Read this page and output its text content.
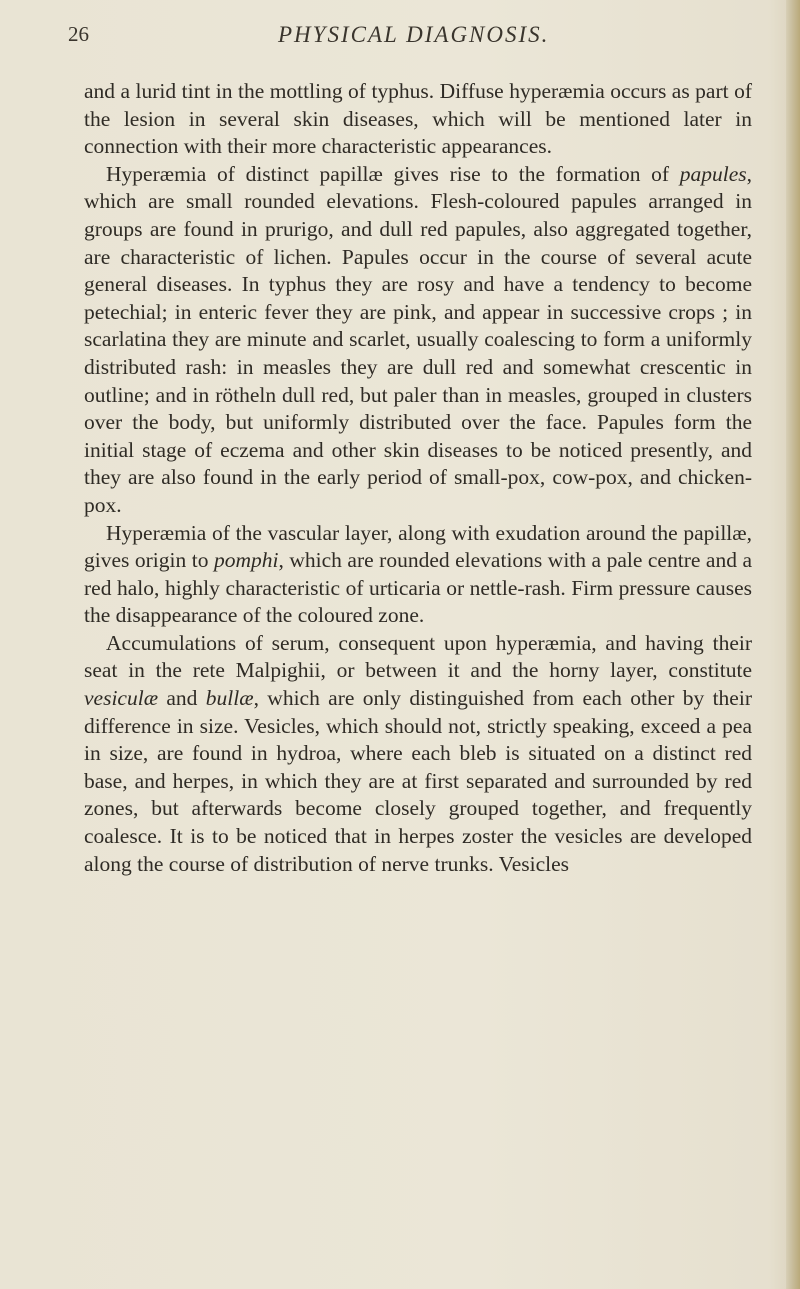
26	PHYSICAL DIAGNOSIS.

and a lurid tint in the mottling of typhus. Diffuse hyperæmia occurs as part of the lesion in several skin diseases, which will be mentioned later in connection with their more characteristic appearances.

Hyperæmia of distinct papillæ gives rise to the formation of papules, which are small rounded elevations. Flesh-coloured papules arranged in groups are found in prurigo, and dull red papules, also aggregated together, are characteristic of lichen. Papules occur in the course of several acute general diseases. In typhus they are rosy and have a tendency to become petechial; in enteric fever they are pink, and appear in successive crops ; in scarlatina they are minute and scarlet, usually coalescing to form a uniformly distributed rash: in measles they are dull red and somewhat crescentic in outline; and in rötheln dull red, but paler than in measles, grouped in clusters over the body, but uniformly distributed over the face. Papules form the initial stage of eczema and other skin diseases to be noticed presently, and they are also found in the early period of small-pox, cow-pox, and chicken-pox.

Hyperæmia of the vascular layer, along with exudation around the papillæ, gives origin to pomphi, which are rounded elevations with a pale centre and a red halo, highly characteristic of urticaria or nettle-rash. Firm pressure causes the disappearance of the coloured zone.

Accumulations of serum, consequent upon hyperæmia, and having their seat in the rete Malpighii, or between it and the horny layer, constitute vesiculæ and bullæ, which are only distinguished from each other by their difference in size. Vesicles, which should not, strictly speaking, exceed a pea in size, are found in hydroa, where each bleb is situated on a distinct red base, and herpes, in which they are at first separated and surrounded by red zones, but afterwards become closely grouped together, and frequently coalesce. It is to be noticed that in herpes zoster the vesicles are developed along the course of distribution of nerve trunks. Vesicles
